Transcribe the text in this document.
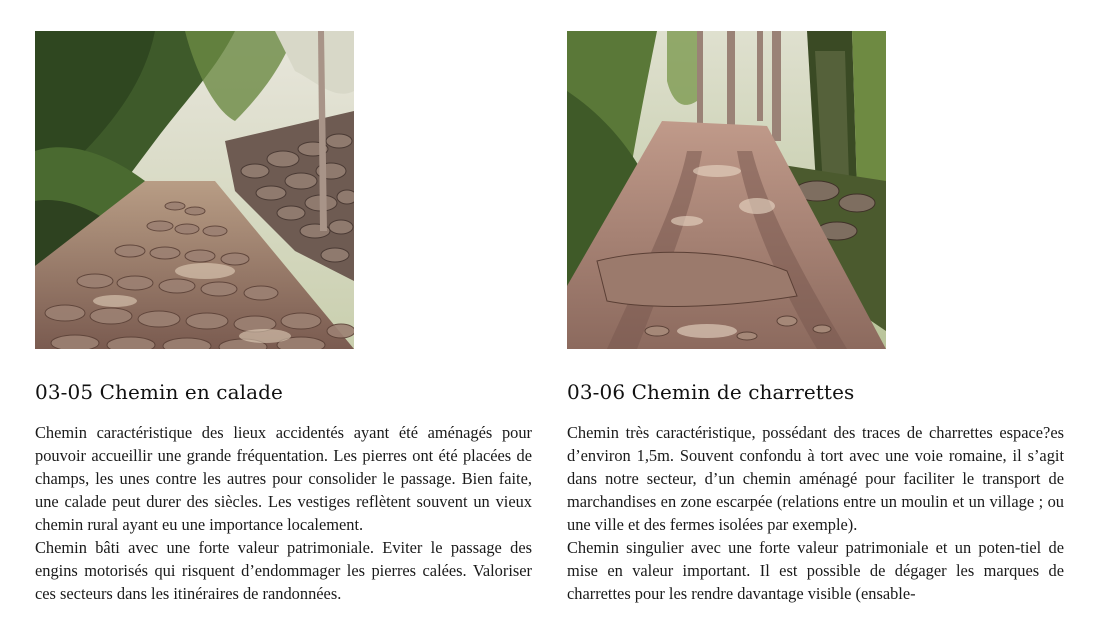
03-05 Chemin en calade

Chemin caractéristique des lieux accidentés ayant été aménagés pour pouvoir accueillir une grande fréquentation. Les pierres ont été placées de champs, les unes contre les autres pour consolider le passage. Bien faite, une calade peut durer des siècles. Les vestiges reflètent souvent un vieux chemin rural ayant eu une importance localement.

Chemin bâti avec une forte valeur patrimoniale. Eviter le passage des engins motorisés qui risquent d’endommager les pierres calées. Valoriser ces secteurs dans les itinéraires de randonnées.

03-06 Chemin de charrettes

Chemin très caractéristique, possédant des traces de charrettes espace?es d’environ 1,5m. Souvent confondu à tort avec une voie romaine, il s’agit dans notre secteur, d’un chemin aménagé pour faciliter le transport de marchandises en zone escarpée (relations entre un moulin et un village ; ou une ville et des fermes isolées par exemple).

Chemin singulier avec une forte valeur patrimoniale et un poten-tiel de mise en valeur important. Il est possible de dégager les marques de charrettes pour les rendre davantage visible (ensable-
